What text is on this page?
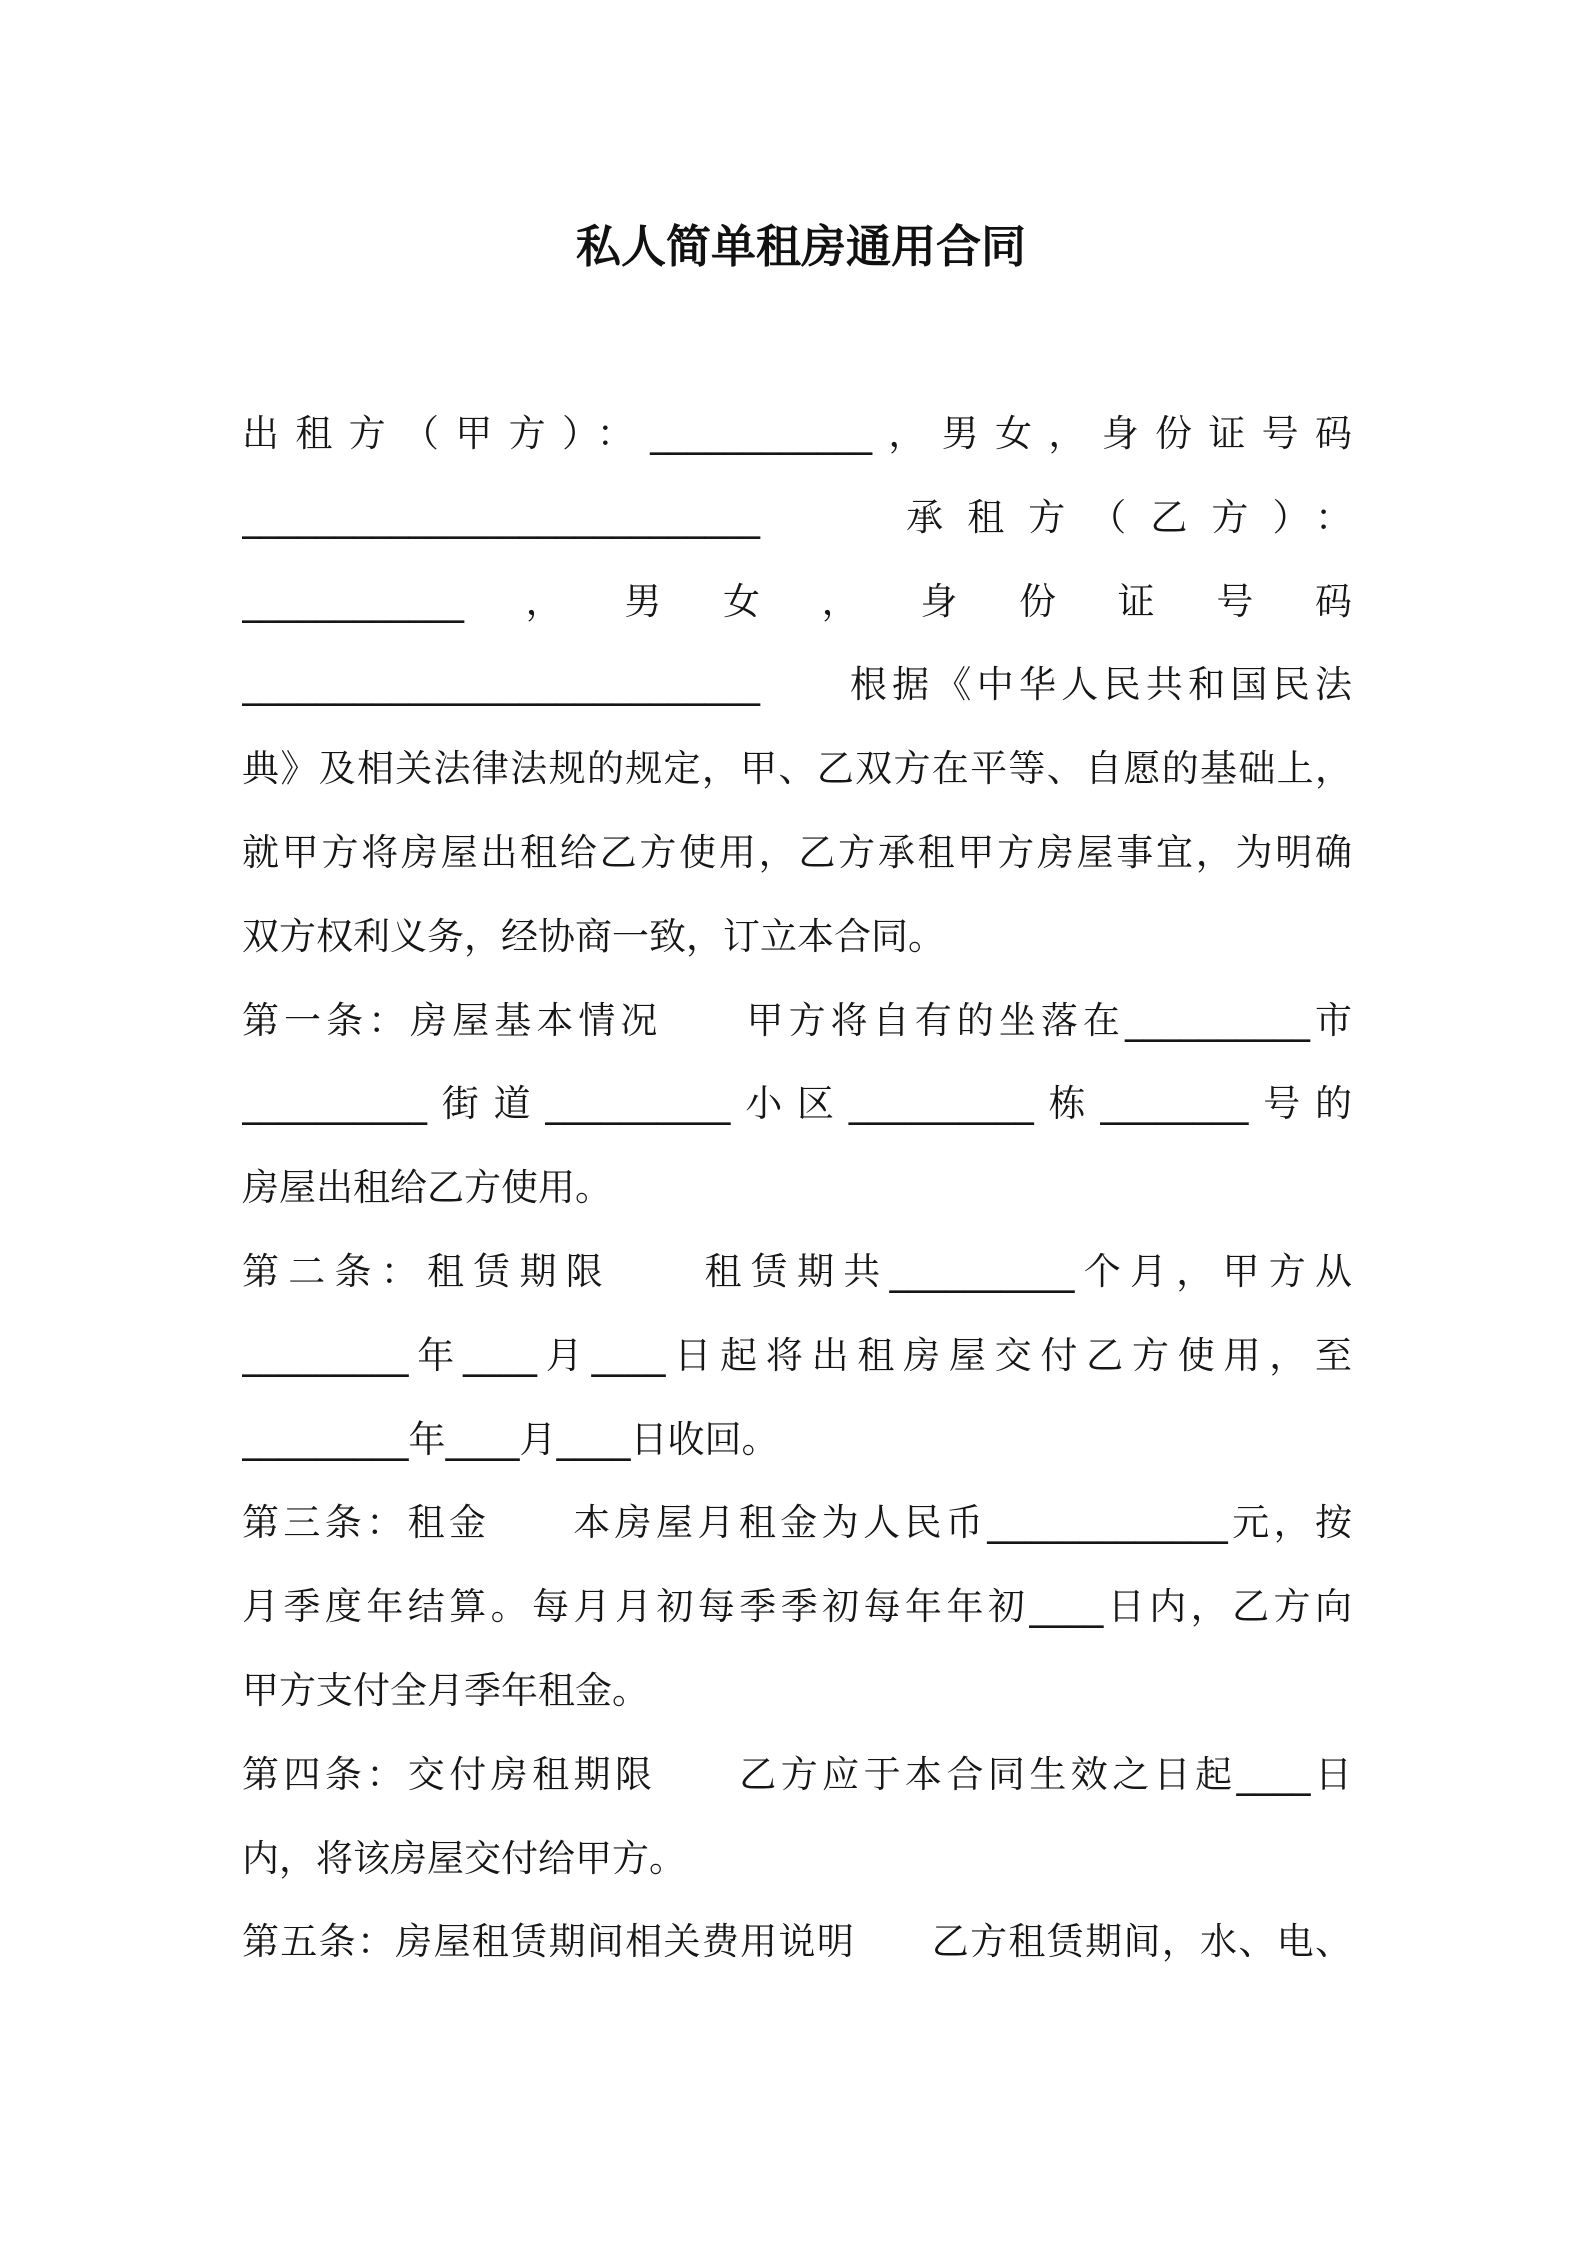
私人简单租房通用合同
出租方（甲方）：____________，男女，身份证号码
____________________________　　承租方（乙方）：
____________，男女，身份证号码
____________________________　　根据《中华人民共和国民法
典》及相关法律法规的规定，甲、乙双方在平等、自愿的基础上，
就甲方将房屋出租给乙方使用，乙方承租甲方房屋事宜，为明确
双方权利义务，经协商一致，订立本合同。
第一条：房屋基本情况　　甲方将自有的坐落在__________市
__________街道__________小区__________栋________号的
房屋出租给乙方使用。
第二条：租赁期限　　租赁期共__________个月，甲方从
_________年____月____日起将出租房屋交付乙方使用，至
_________年____月____日收回。
第三条：租金　　本房屋月租金为人民币_____________元，按
月季度年结算。每月月初每季季初每年年初____日内，乙方向
甲方支付全月季年租金。
第四条：交付房租期限　　乙方应于本合同生效之日起____日
内，将该房屋交付给甲方。
第五条：房屋租赁期间相关费用说明　　乙方租赁期间，水、电、
